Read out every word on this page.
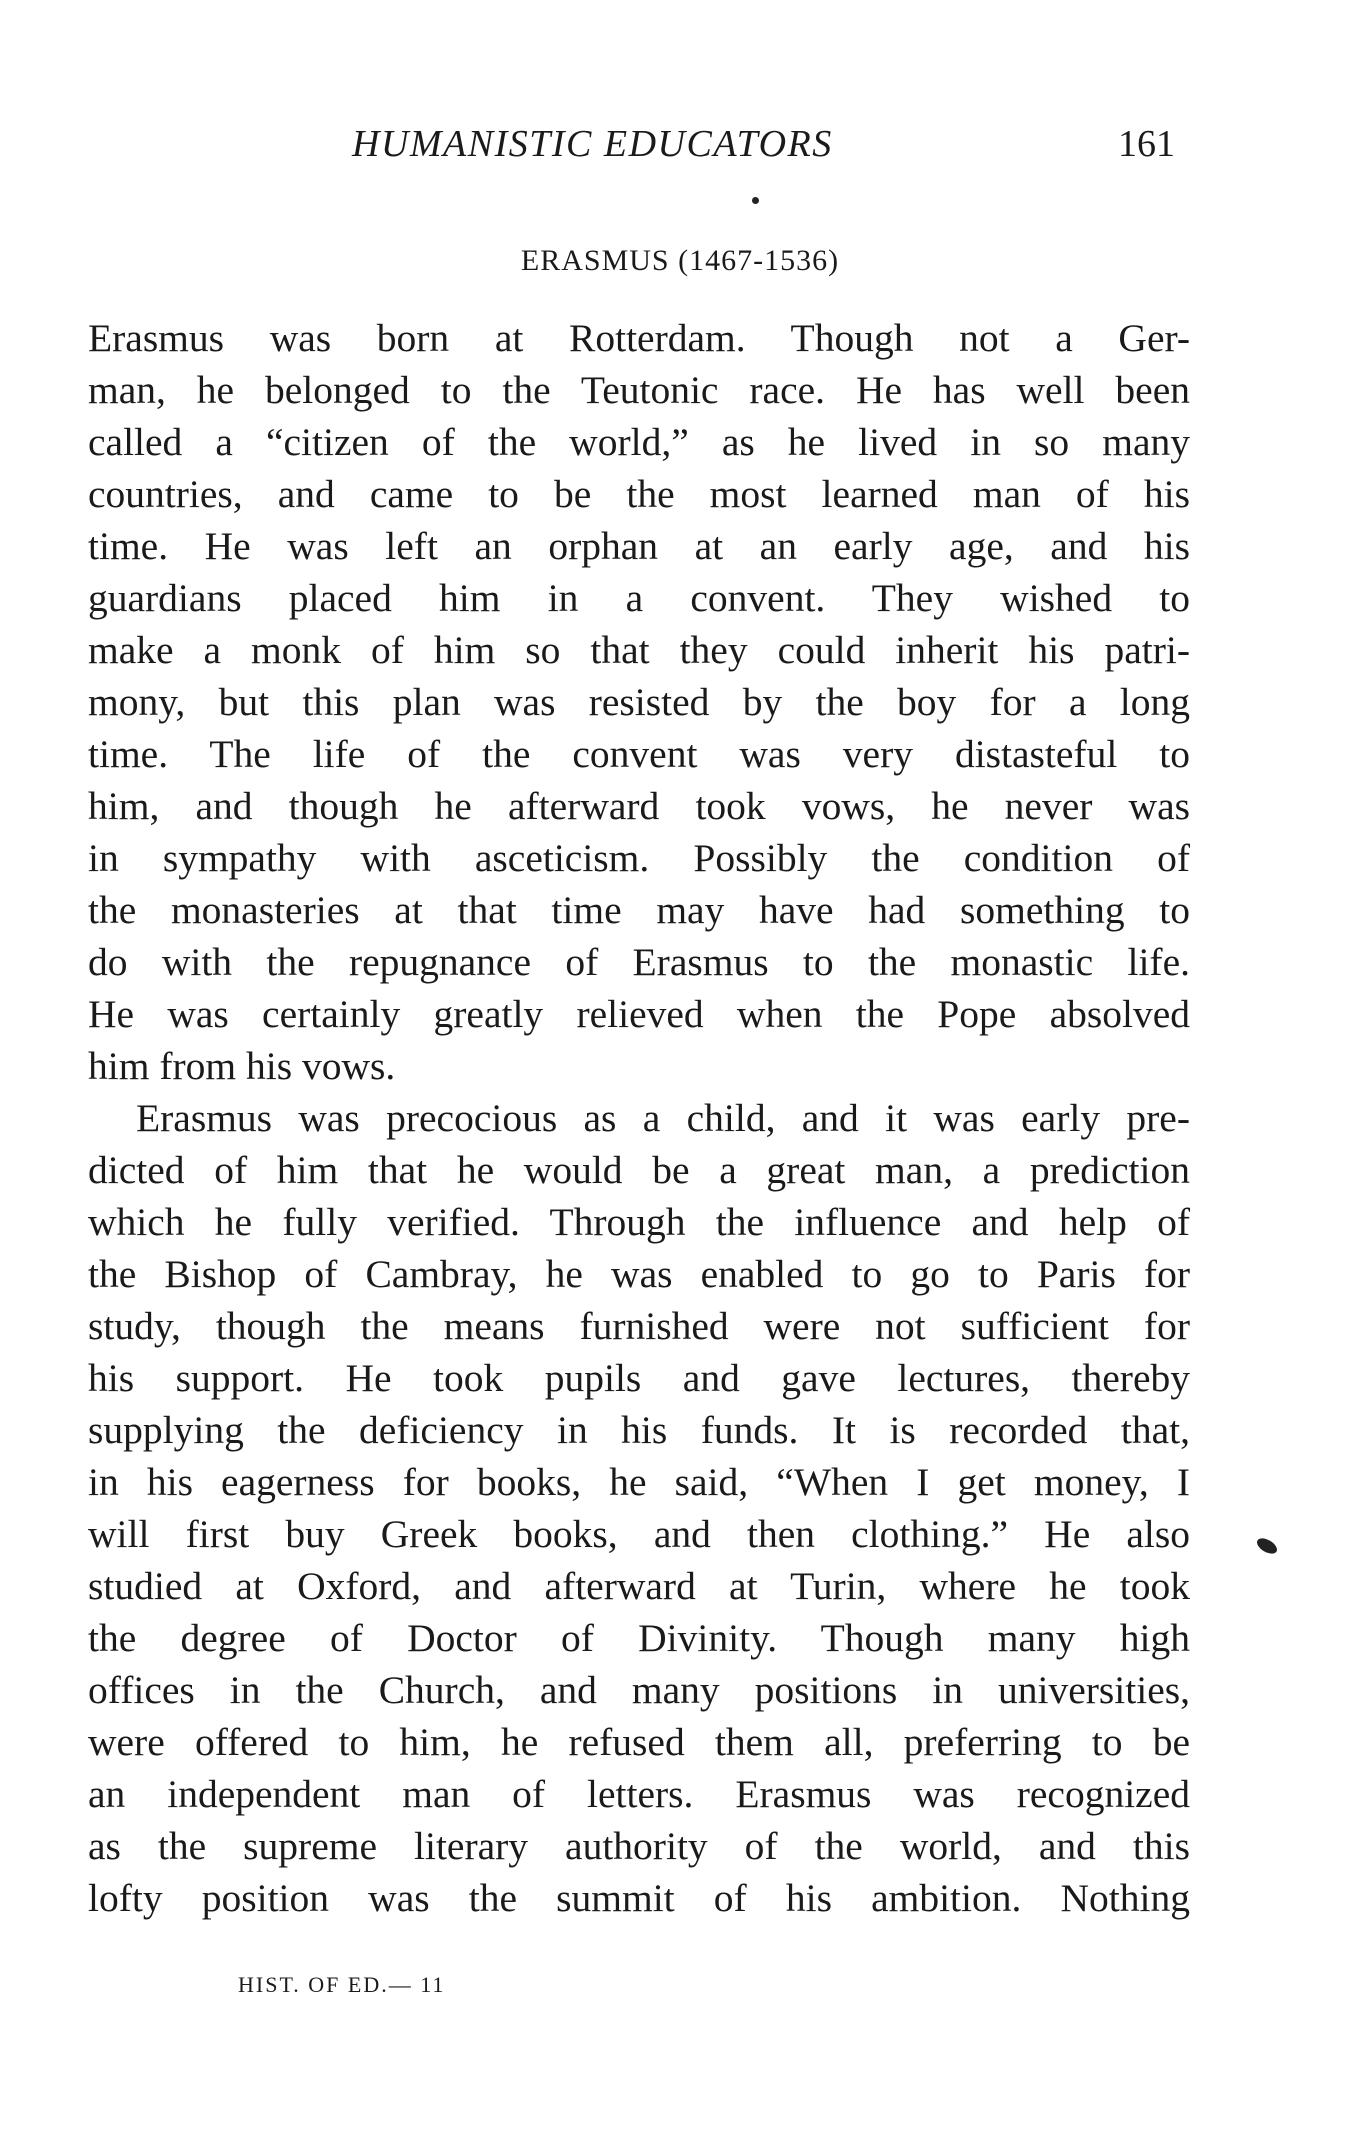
HUMANISTIC EDUCATORS	161
ERASMUS (1467-1536)
Erasmus was born at Rotterdam. Though not a Ger-
man, he belonged to the Teutonic race. He has well been
called a “citizen of the world,” as he lived in so many
countries, and came to be the most learned man of his
time. He was left an orphan at an early age, and his
guardians placed him in a convent. They wished to
make a monk of him so that they could inherit his patri-
mony, but this plan was resisted by the boy for a long
time. The life of the convent was very distasteful to
him, and though he afterward took vows, he never was
in sympathy with asceticism. Possibly the condition of
the monasteries at that time may have had something to
do with the repugnance of Erasmus to the monastic life.
He was certainly greatly relieved when the Pope absolved
him from his vows.
Erasmus was precocious as a child, and it was early pre-
dicted of him that he would be a great man, a prediction
which he fully verified. Through the influence and help of
the Bishop of Cambray, he was enabled to go to Paris for
study, though the means furnished were not sufficient for
his support. He took pupils and gave lectures, thereby
supplying the deficiency in his funds. It is recorded that,
in his eagerness for books, he said, “When I get money, I
will first buy Greek books, and then clothing.” He also
studied at Oxford, and afterward at Turin, where he took
the degree of Doctor of Divinity. Though many high
offices in the Church, and many positions in universities,
were offered to him, he refused them all, preferring to be
an independent man of letters. Erasmus was recognized
as the supreme literary authority of the world, and this
lofty position was the summit of his ambition. Nothing
HIST. OF ED.— 11
